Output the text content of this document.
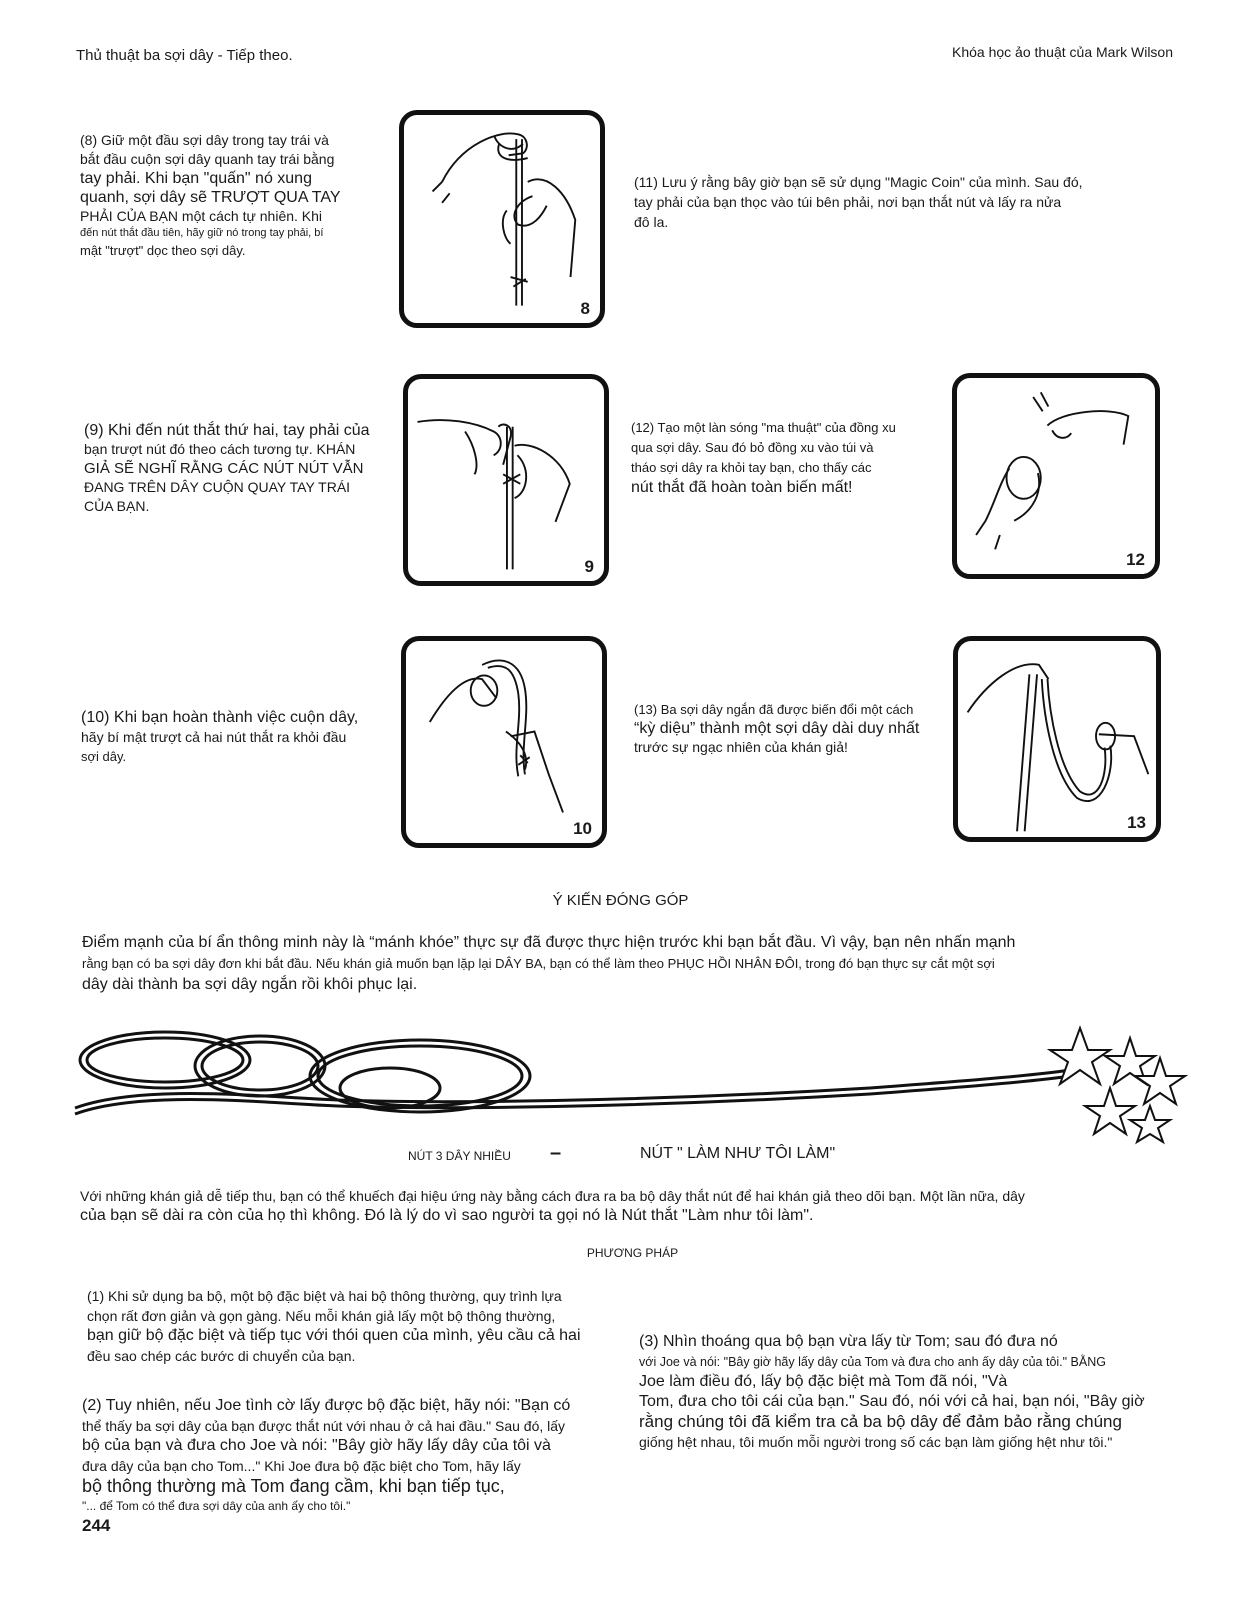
Thủ thuật ba sợi dây - Tiếp theo.	Khóa học ảo thuật của Mark Wilson
(8) Giữ một đầu sợi dây trong tay trái và
bắt đầu cuộn sợi dây quanh tay trái bằng
tay phải. Khi bạn "quấn" nó xung
quanh, sợi dây sẽ TRƯỢT QUA TAY
PHẢI CỦA BẠN một cách tự nhiên. Khi
đến nút thắt đầu tiên, hãy giữ nó trong tay phải, bí
mật "trượt" dọc theo sợi dây.
8
(11) Lưu ý rằng bây giờ bạn sẽ sử dụng "Magic Coin" của mình. Sau đó,
tay phải của bạn thọc vào túi bên phải, nơi bạn thắt nút và lấy ra nửa
đô la.
(9) Khi đến nút thắt thứ hai, tay phải của
bạn trượt nút đó theo cách tương tự. KHÁN
GIẢ SẼ NGHĨ RẰNG CÁC NÚT NÚT VẪN
ĐANG TRÊN DÂY CUỘN QUAY TAY TRÁI
CỦA BẠN.
9
(12) Tạo một làn sóng "ma thuật" của đồng xu
qua sợi dây. Sau đó bỏ đồng xu vào túi và
tháo sợi dây ra khỏi tay bạn, cho thấy các
nút thắt đã hoàn toàn biến mất!
12
(10) Khi bạn hoàn thành việc cuộn dây,
hãy bí mật trượt cả hai nút thắt ra khỏi đầu
sợi dây.
10
(13) Ba sợi dây ngắn đã được biến đổi một cách
“kỳ diệu” thành một sợi dây dài duy nhất
trước sự ngạc nhiên của khán giả!
13
Ý KIẾN ĐÓNG GÓP
Điểm mạnh của bí ẩn thông minh này là “mánh khóe” thực sự đã được thực hiện trước khi bạn bắt đầu. Vì vậy, bạn nên nhấn mạnh
rằng bạn có ba sợi dây đơn khi bắt đầu. Nếu khán giả muốn bạn lặp lại DÂY BA, bạn có thể làm theo PHỤC HỒI NHÂN ĐÔI, trong đó bạn thực sự cắt một sợi
dây dài thành ba sợi dây ngắn rồi khôi phục lại.
NÚT 3 DÂY NHIỀU –	NÚT " LÀM NHƯ TÔI LÀM"
Với những khán giả dễ tiếp thu, bạn có thể khuếch đại hiệu ứng này bằng cách đưa ra ba bộ dây thắt nút để hai khán giả theo dõi bạn. Một lần nữa, dây
của bạn sẽ dài ra còn của họ thì không. Đó là lý do vì sao người ta gọi nó là Nút thắt "Làm như tôi làm".
PHƯƠNG PHÁP
(1) Khi sử dụng ba bộ, một bộ đặc biệt và hai bộ thông thường, quy trình lựa
chọn rất đơn giản và gọn gàng. Nếu mỗi khán giả lấy một bộ thông thường,
bạn giữ bộ đặc biệt và tiếp tục với thói quen của mình, yêu cầu cả hai
đều sao chép các bước di chuyển của bạn.
(2) Tuy nhiên, nếu Joe tình cờ lấy được bộ đặc biệt, hãy nói: "Bạn có
thể thấy ba sợi dây của bạn được thắt nút với nhau ở cả hai đầu." Sau đó, lấy
bộ của bạn và đưa cho Joe và nói: "Bây giờ hãy lấy dây của tôi và
đưa dây của bạn cho Tom..." Khi Joe đưa bộ đặc biệt cho Tom, hãy lấy
bộ thông thường mà Tom đang cầm, khi bạn tiếp tục,
"... để Tom có thể đưa sợi dây của anh ấy cho tôi."
(3) Nhìn thoáng qua bộ bạn vừa lấy từ Tom; sau đó đưa nó
với Joe và nói: "Bây giờ hãy lấy dây của Tom và đưa cho anh ấy dây của tôi." BẰNG
Joe làm điều đó, lấy bộ đặc biệt mà Tom đã nói, "Và
Tom, đưa cho tôi cái của bạn." Sau đó, nói với cả hai, bạn nói, "Bây giờ
rằng chúng tôi đã kiểm tra cả ba bộ dây để đảm bảo rằng chúng
giống hệt nhau, tôi muốn mỗi người trong số các bạn làm giống hệt như tôi."
244
